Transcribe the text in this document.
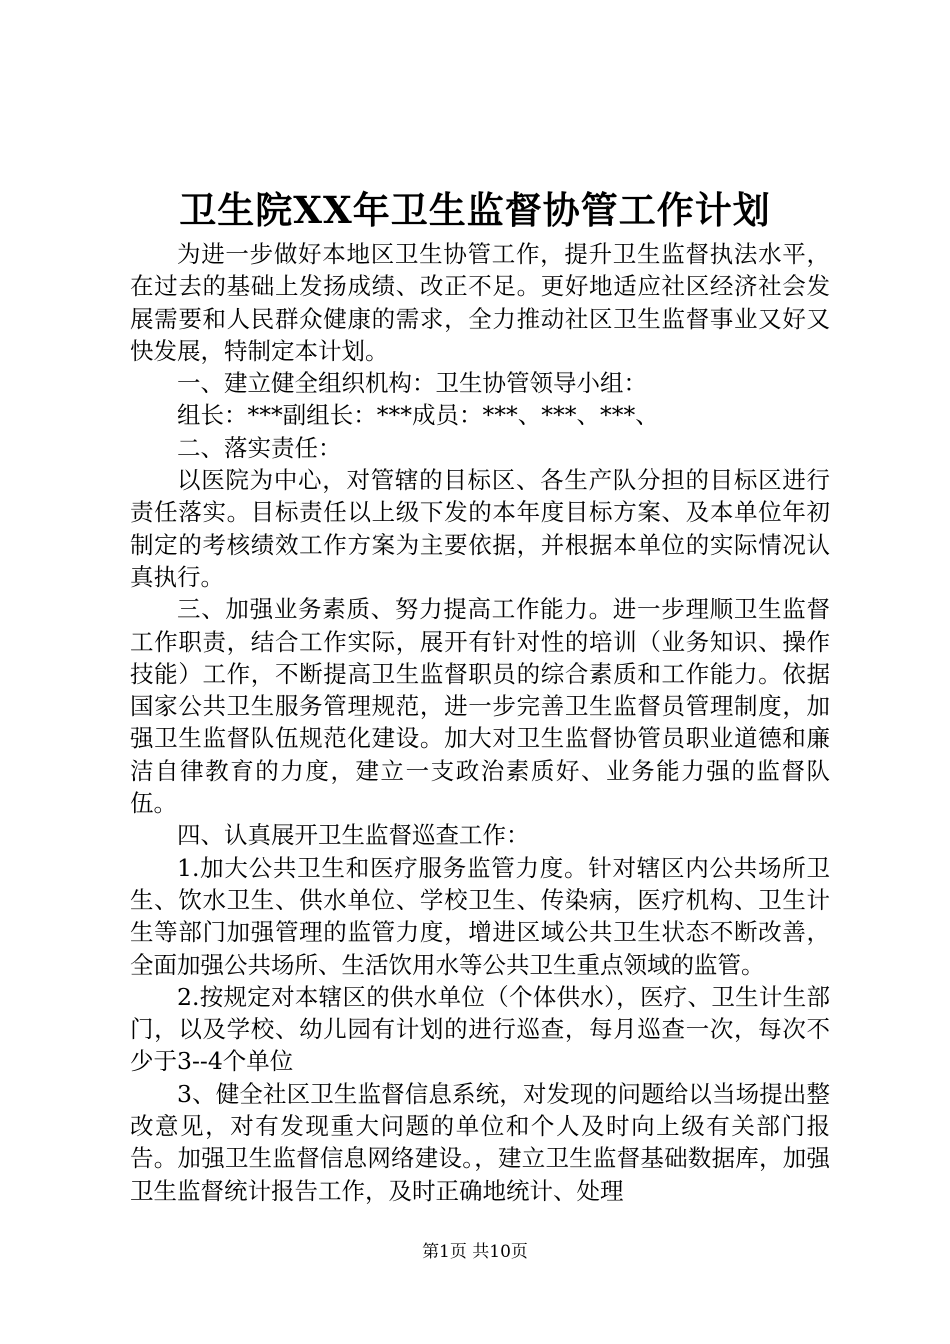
卫生院XX年卫生监督协管工作计划

为进一步做好本地区卫生协管工作，提升卫生监督执法水平，在过去的基础上发扬成绩、改正不足。更好地适应社区经济社会发展需要和人民群众健康的需求，全力推动社区卫生监督事业又好又快发展，特制定本计划。

一、建立健全组织机构：卫生协管领导小组：

组长：***副组长：***成员：***、***、***、

二、落实责任：

以医院为中心，对管辖的目标区、各生产队分担的目标区进行责任落实。目标责任以上级下发的本年度目标方案、及本单位年初制定的考核绩效工作方案为主要依据，并根据本单位的实际情况认真执行。

三、加强业务素质、努力提高工作能力。进一步理顺卫生监督工作职责，结合工作实际，展开有针对性的培训（业务知识、操作技能）工作，不断提高卫生监督职员的综合素质和工作能力。依据国家公共卫生服务管理规范，进一步完善卫生监督员管理制度，加强卫生监督队伍规范化建设。加大对卫生监督协管员职业道德和廉洁自律教育的力度，建立一支政治素质好、业务能力强的监督队伍。

四、认真展开卫生监督巡查工作：

1.加大公共卫生和医疗服务监管力度。针对辖区内公共场所卫生、饮水卫生、供水单位、学校卫生、传染病，医疗机构、卫生计生等部门加强管理的监管力度，增进区域公共卫生状态不断改善，全面加强公共场所、生活饮用水等公共卫生重点领域的监管。

2.按规定对本辖区的供水单位（个体供水），医疗、卫生计生部门，以及学校、幼儿园有计划的进行巡查，每月巡查一次，每次不少于3--4个单位

3、健全社区卫生监督信息系统，对发现的问题给以当场提出整改意见，对有发现重大问题的单位和个人及时向上级有关部门报告。加强卫生监督信息网络建设。，建立卫生监督基础数据库，加强卫生监督统计报告工作，及时正确地统计、处理

第1页 共10页
